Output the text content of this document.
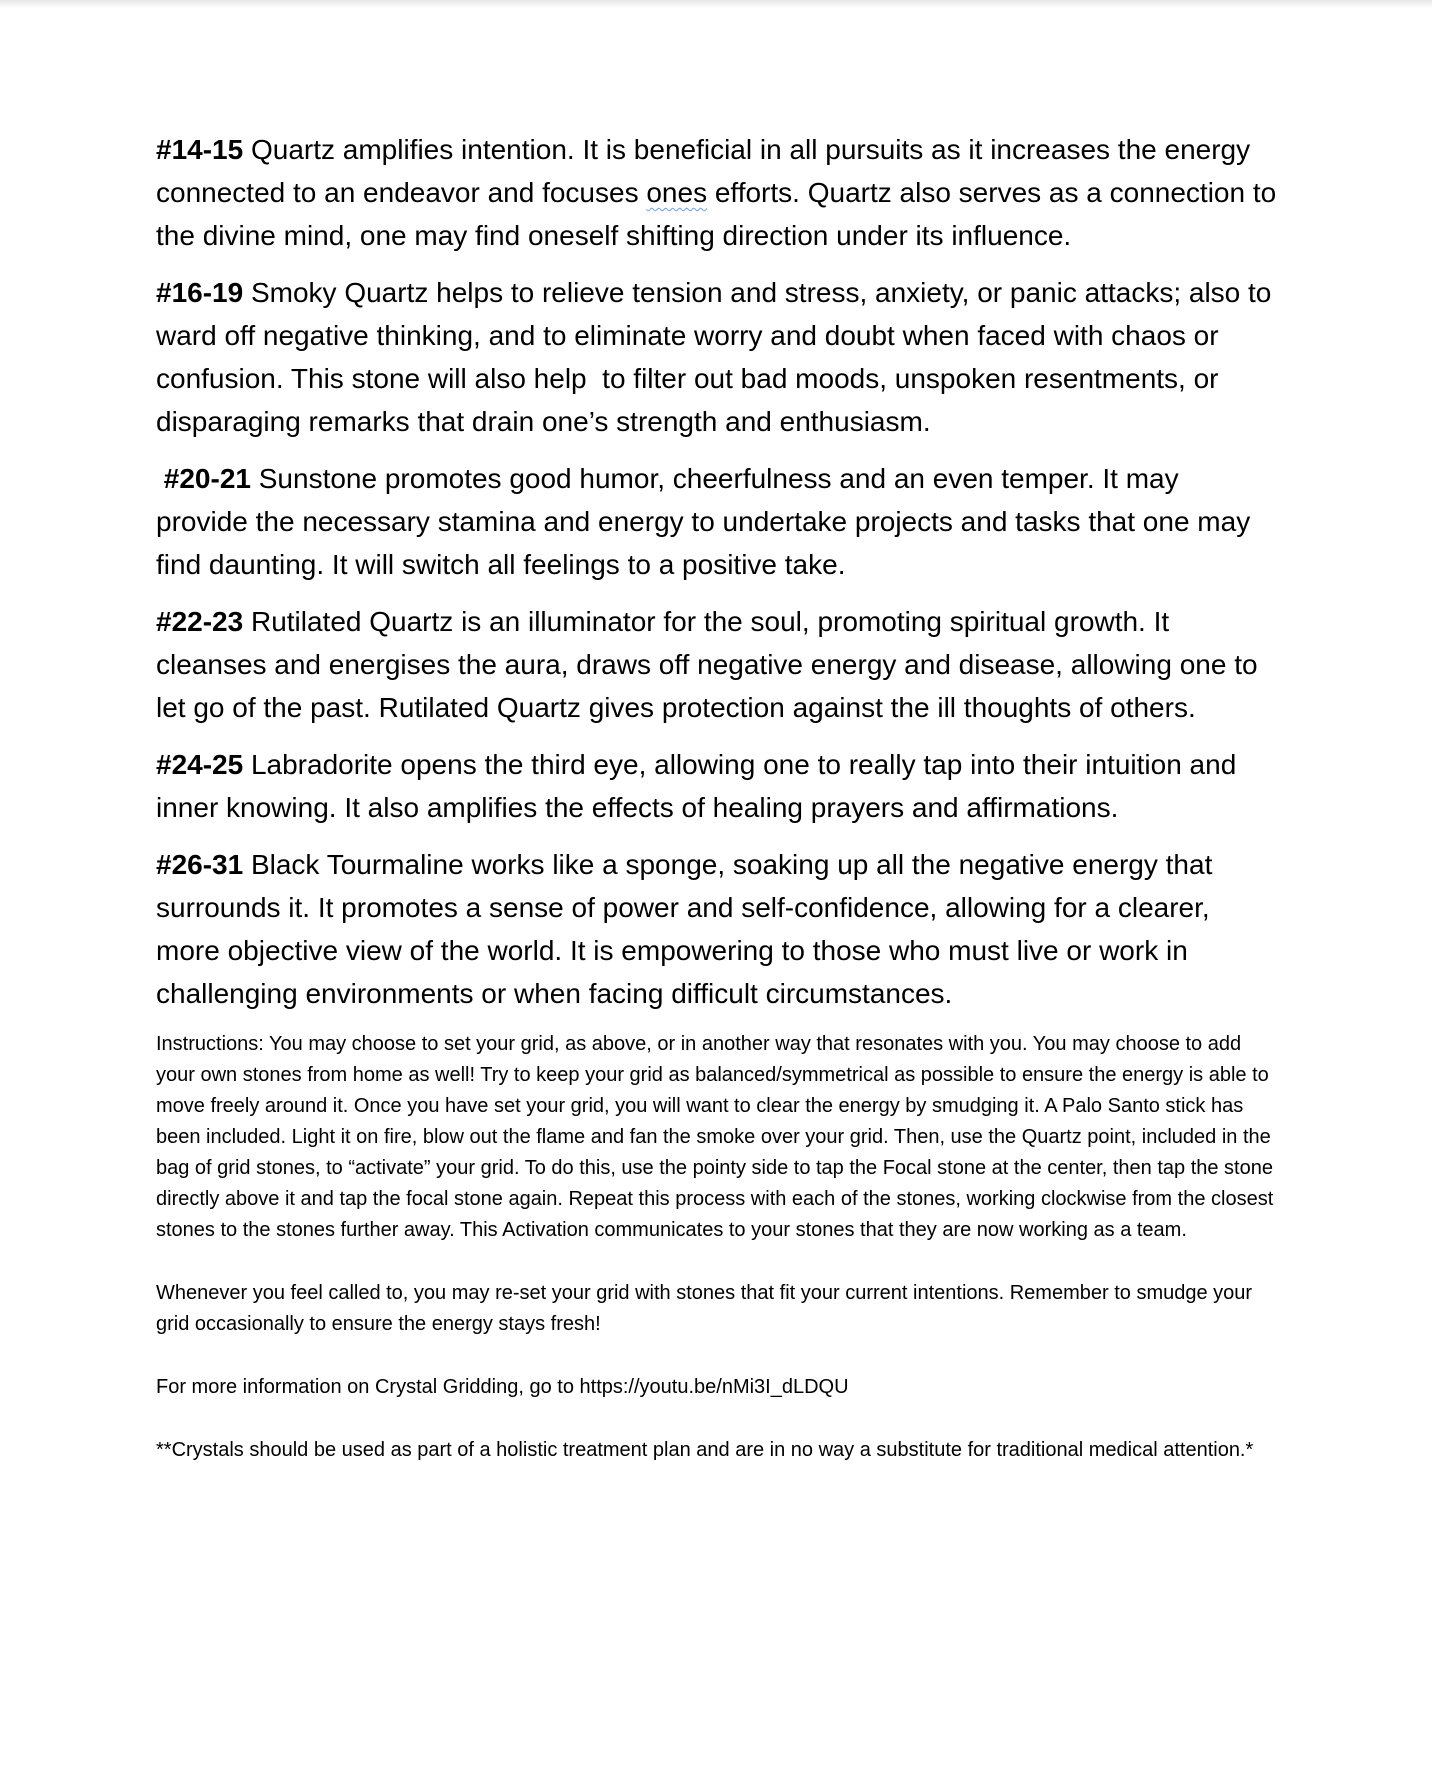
#14-15 Quartz amplifies intention. It is beneficial in all pursuits as it increases the energy connected to an endeavor and focuses ones efforts. Quartz also serves as a connection to the divine mind, one may find oneself shifting direction under its influence.
#16-19 Smoky Quartz helps to relieve tension and stress, anxiety, or panic attacks; also to ward off negative thinking, and to eliminate worry and doubt when faced with chaos or confusion. This stone will also help  to filter out bad moods, unspoken resentments, or disparaging remarks that drain one’s strength and enthusiasm.
#20-21 Sunstone promotes good humor, cheerfulness and an even temper. It may provide the necessary stamina and energy to undertake projects and tasks that one may find daunting. It will switch all feelings to a positive take.
#22-23 Rutilated Quartz is an illuminator for the soul, promoting spiritual growth. It cleanses and energises the aura, draws off negative energy and disease, allowing one to let go of the past. Rutilated Quartz gives protection against the ill thoughts of others.
#24-25 Labradorite opens the third eye, allowing one to really tap into their intuition and inner knowing. It also amplifies the effects of healing prayers and affirmations.
#26-31 Black Tourmaline works like a sponge, soaking up all the negative energy that surrounds it. It promotes a sense of power and self-confidence, allowing for a clearer, more objective view of the world. It is empowering to those who must live or work in challenging environments or when facing difficult circumstances.
Instructions: You may choose to set your grid, as above, or in another way that resonates with you. You may choose to add your own stones from home as well! Try to keep your grid as balanced/symmetrical as possible to ensure the energy is able to move freely around it. Once you have set your grid, you will want to clear the energy by smudging it. A Palo Santo stick has been included. Light it on fire, blow out the flame and fan the smoke over your grid. Then, use the Quartz point, included in the bag of grid stones, to “activate” your grid. To do this, use the pointy side to tap the Focal stone at the center, then tap the stone directly above it and tap the focal stone again. Repeat this process with each of the stones, working clockwise from the closest stones to the stones further away. This Activation communicates to your stones that they are now working as a team.
Whenever you feel called to, you may re-set your grid with stones that fit your current intentions. Remember to smudge your grid occasionally to ensure the energy stays fresh!
For more information on Crystal Gridding, go to https://youtu.be/nMi3I_dLDQU
**Crystals should be used as part of a holistic treatment plan and are in no way a substitute for traditional medical attention.*
